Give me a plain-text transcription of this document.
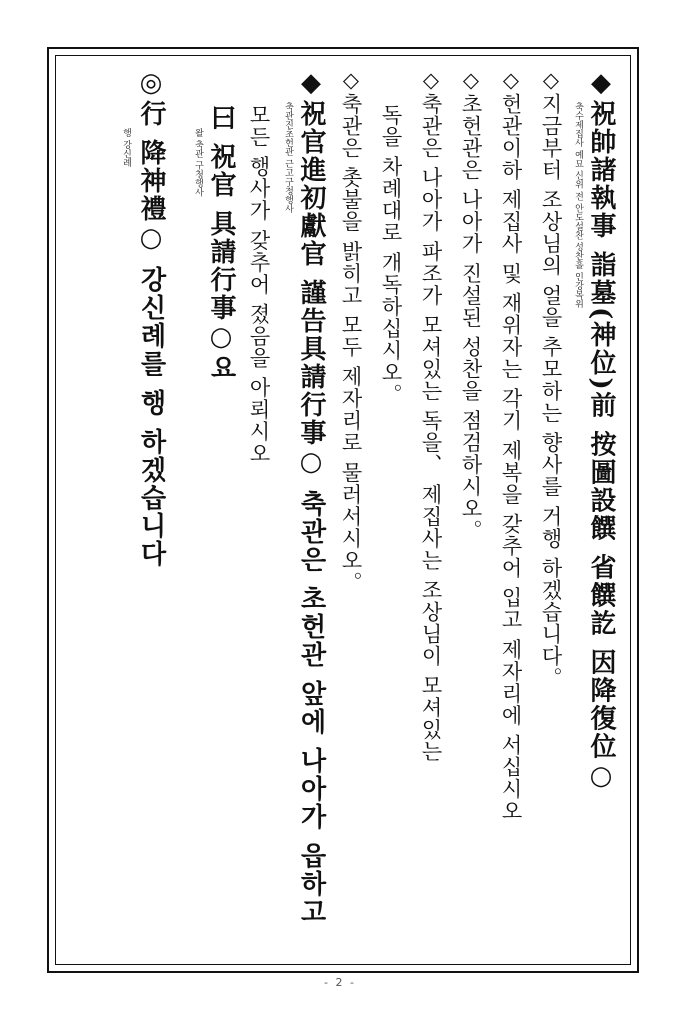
◆祝帥諸執事 詣墓(神位)前 按圖設饌 省饌訖 因降復位○
축수제집사 예묘 신위 전 안도설찬 성찬흘 인강복위
◇지금부터 조상님의 얼을 추모하는 향사를 거행 하겠습니다。
◇헌관이하 제집사 및 재위자는 각기 제복을 갖추어 입고 제자리에 서십시오
◇초헌관은 나아가 진설된 성찬을 점검하시오。
◇축관은 나아가 파조가 모셔있는 독을、 제집사는 조상님이 모셔있는
독을 차례대로 개독하십시오。
◇축관은 촛불을 밝히고 모두 제자리로 물러서시오。
◆祝官進初獻官 謹告具請行事○ 축관은 초헌관 앞에 나아가 읍하고
축관진초헌관 근고구청행사
모든 행사가 갖추어 졌음을 아뢰시오
曰 祝官 具請行事○요
왈 축관 구청행사
◎行 降神禮○ 강신례를 행 하겠습니다
행 강신례
- 2 -
